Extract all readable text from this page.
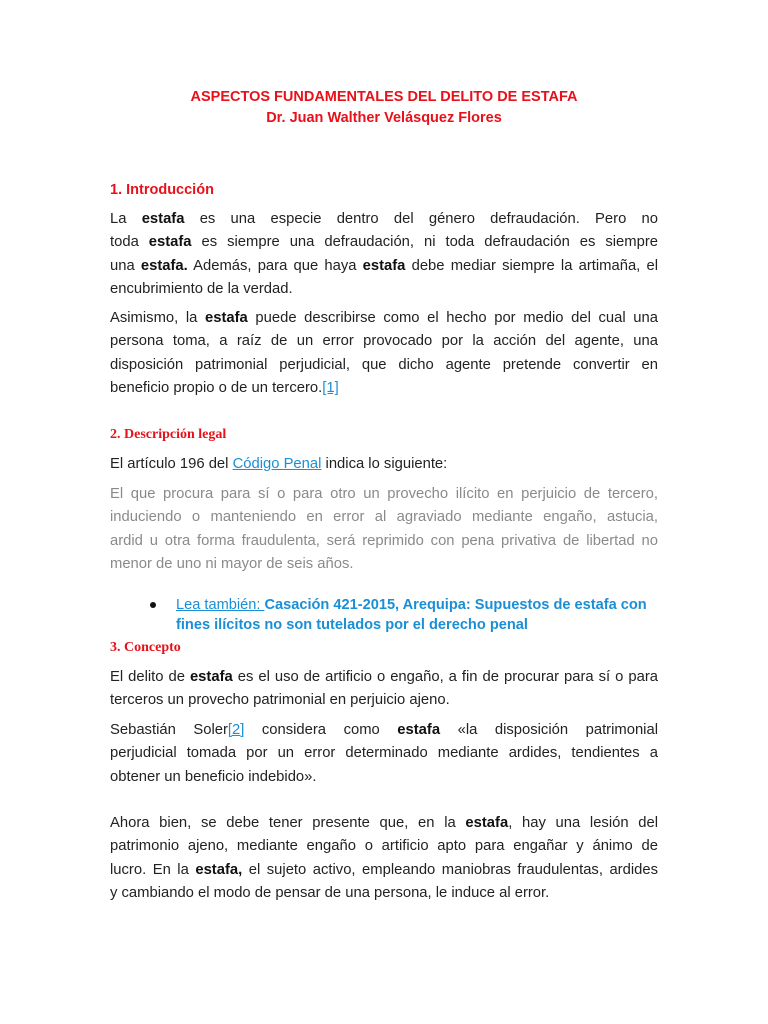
ASPECTOS FUNDAMENTALES DEL DELITO DE ESTAFA
Dr. Juan Walther Velásquez Flores
1. Introducción
La estafa es una especie dentro del género defraudación. Pero no
toda estafa es siempre una defraudación, ni toda defraudación es siempre
una estafa. Además, para que haya estafa debe mediar siempre la artimaña, el
encubrimiento de la verdad.
Asimismo, la estafa puede describirse como el hecho por medio del cual una
persona toma, a raíz de un error provocado por la acción del agente, una
disposición patrimonial perjudicial, que dicho agente pretende convertir en
beneficio propio o de un tercero.[1]
2. Descripción legal
El artículo 196 del Código Penal indica lo siguiente:
El que procura para sí o para otro un provecho ilícito en perjuicio de tercero,
induciendo o manteniendo en error al agraviado mediante engaño, astucia,
ardid u otra forma fraudulenta, será reprimido con pena privativa de libertad no
menor de uno ni mayor de seis años.
Lea también: Casación 421-2015, Arequipa: Supuestos de estafa con
fines ilícitos no son tutelados por el derecho penal
3. Concepto
El delito de estafa es el uso de artificio o engaño, a fin de procurar para sí o para
terceros un provecho patrimonial en perjuicio ajeno.
Sebastián Soler[2] considera como estafa «la disposición patrimonial
perjudicial tomada por un error determinado mediante ardides, tendientes a
obtener un beneficio indebido».
Ahora bien, se debe tener presente que, en la estafa, hay una lesión del
patrimonio ajeno, mediante engaño o artificio apto para engañar y ánimo de
lucro. En la estafa, el sujeto activo, empleando maniobras fraudulentas, ardides
y cambiando el modo de pensar de una persona, le induce al error.
